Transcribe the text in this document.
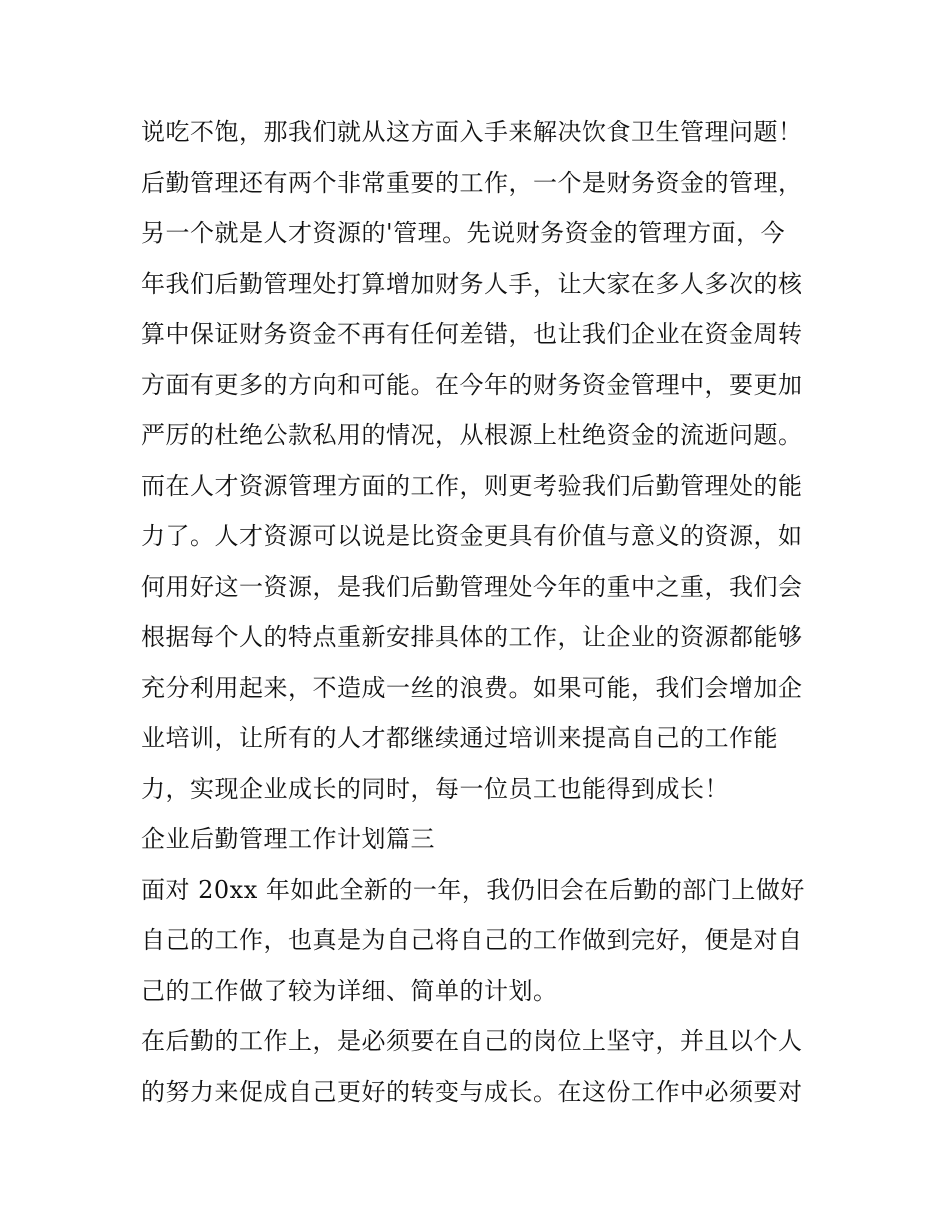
说吃不饱，那我们就从这方面入手来解决饮食卫生管理问题！
后勤管理还有两个非常重要的工作，一个是财务资金的管理，
另一个就是人才资源的'管理。先说财务资金的管理方面，今
年我们后勤管理处打算增加财务人手，让大家在多人多次的核
算中保证财务资金不再有任何差错，也让我们企业在资金周转
方面有更多的方向和可能。在今年的财务资金管理中，要更加
严厉的杜绝公款私用的情况，从根源上杜绝资金的流逝问题。
而在人才资源管理方面的工作，则更考验我们后勤管理处的能
力了。人才资源可以说是比资金更具有价值与意义的资源，如
何用好这一资源，是我们后勤管理处今年的重中之重，我们会
根据每个人的特点重新安排具体的工作，让企业的资源都能够
充分利用起来，不造成一丝的浪费。如果可能，我们会增加企
业培训，让所有的人才都继续通过培训来提高自己的工作能
力，实现企业成长的同时，每一位员工也能得到成长！
企业后勤管理工作计划篇三
面对 20xx 年如此全新的一年，我仍旧会在后勤的部门上做好
自己的工作，也真是为自己将自己的工作做到完好，便是对自
己的工作做了较为详细、简单的计划。
在后勤的工作上，是必须要在自己的岗位上坚守，并且以个人
的努力来促成自己更好的转变与成长。在这份工作中必须要对
